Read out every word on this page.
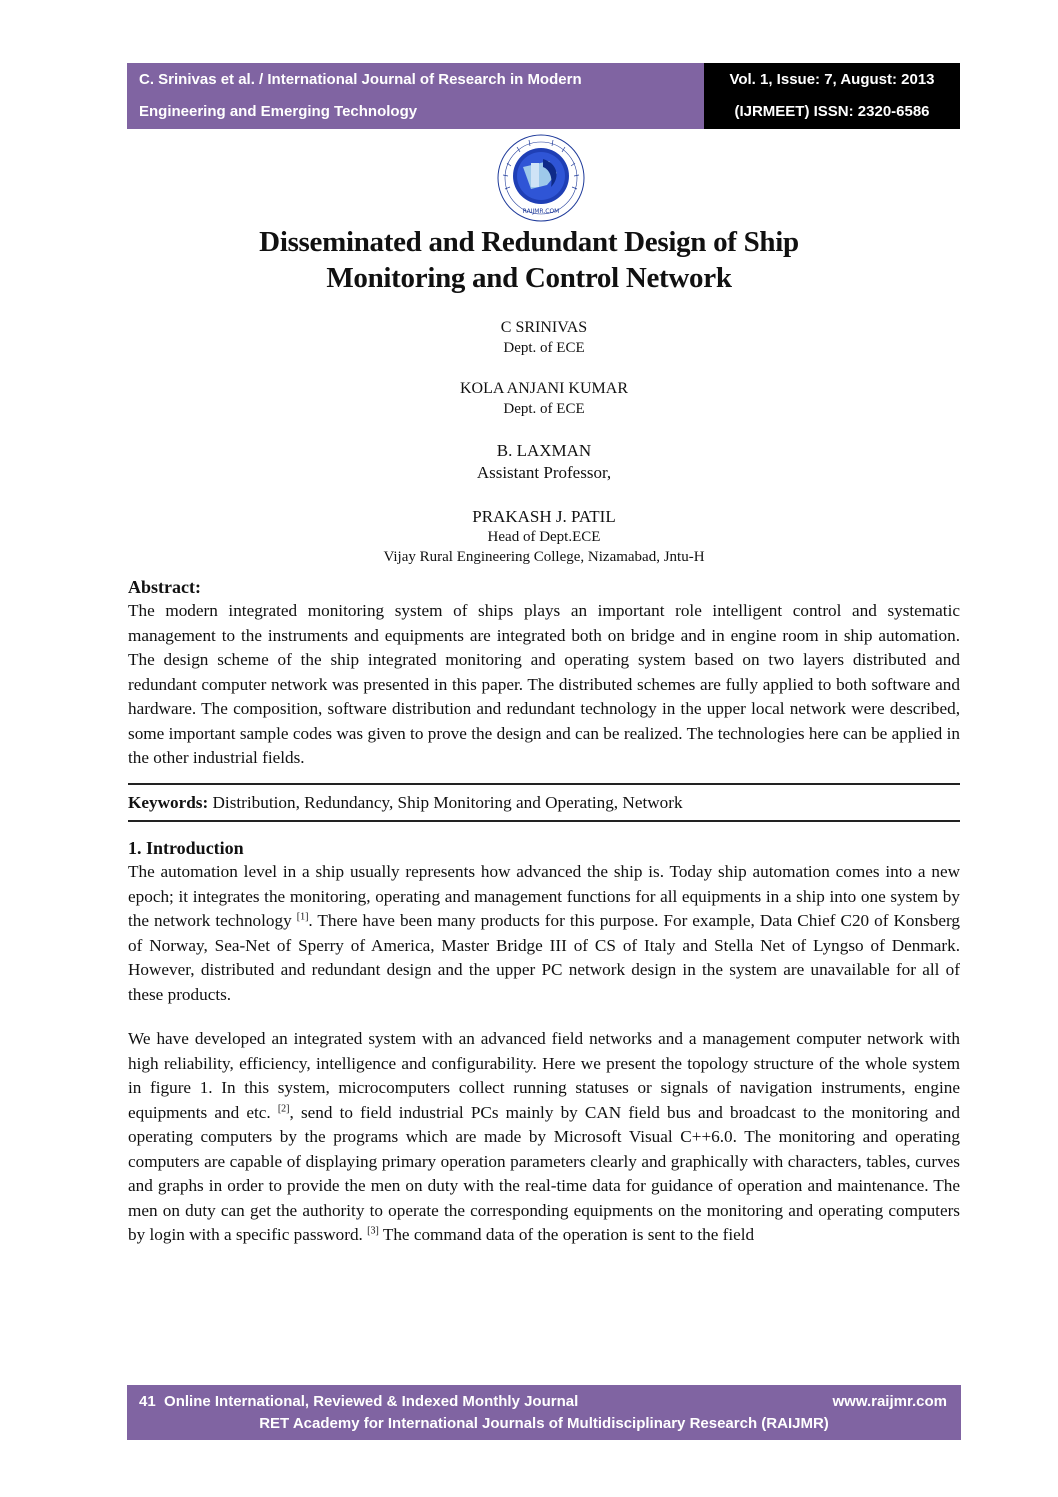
C. Srinivas et al. / International Journal of Research in Modern
Engineering and Emerging Technology
Vol. 1, Issue: 7, August: 2013
(IJRMEET) ISSN: 2320-6586
RAIJMR.COM
Disseminated and Redundant Design of Ship
Monitoring and Control Network
C SRINIVAS
Dept. of ECE
KOLA ANJANI KUMAR
Dept. of ECE
B. LAXMAN
Assistant Professor,
PRAKASH J. PATIL
Head of Dept.ECE
Vijay Rural Engineering College, Nizamabad, Jntu-H
Abstract:

The modern integrated monitoring system of ships plays an important role intelligent control and systematic management to the instruments and equipments are integrated both on bridge and in engine room in ship automation. The design scheme of the ship integrated monitoring and operating system based on two layers distributed and redundant computer network was presented in this paper. The distributed schemes are fully applied to both software and hardware. The composition, software distribution and redundant technology in the upper local network were described, some important sample codes was given to prove the design and can be realized. The technologies here can be applied in the other industrial fields.

Keywords: Distribution, Redundancy, Ship Monitoring and Operating, Network
1. Introduction

The automation level in a ship usually represents how advanced the ship is. Today ship automation comes into a new epoch; it integrates the monitoring, operating and management functions for all equipments in a ship into one system by the network technology [1]. There have been many products for this purpose. For example, Data Chief C20 of Konsberg of Norway, Sea-Net of Sperry of America, Master Bridge III of CS of Italy and Stella Net of Lyngso of Denmark. However, distributed and redundant design and the upper PC network design in the system are unavailable for all of these products.

We have developed an integrated system with an advanced field networks and a management computer network with high reliability, efficiency, intelligence and configurability. Here we present the topology structure of the whole system in figure 1. In this system, microcomputers collect running statuses or signals of navigation instruments, engine equipments and etc. [2], send to field industrial PCs mainly by CAN field bus and broadcast to the monitoring and operating computers by the programs which are made by Microsoft Visual C++6.0. The monitoring and operating computers are capable of displaying primary operation parameters clearly and graphically with characters, tables, curves and graphs in order to provide the men on duty with the real-time data for guidance of operation and maintenance. The men on duty can get the authority to operate the corresponding equipments on the monitoring and operating computers by login with a specific password. [3] The command data of the operation is sent to the field

41 Online International, Reviewed & Indexed Monthly Journal	www.raijmr.com
RET Academy for International Journals of Multidisciplinary Research (RAIJMR)
